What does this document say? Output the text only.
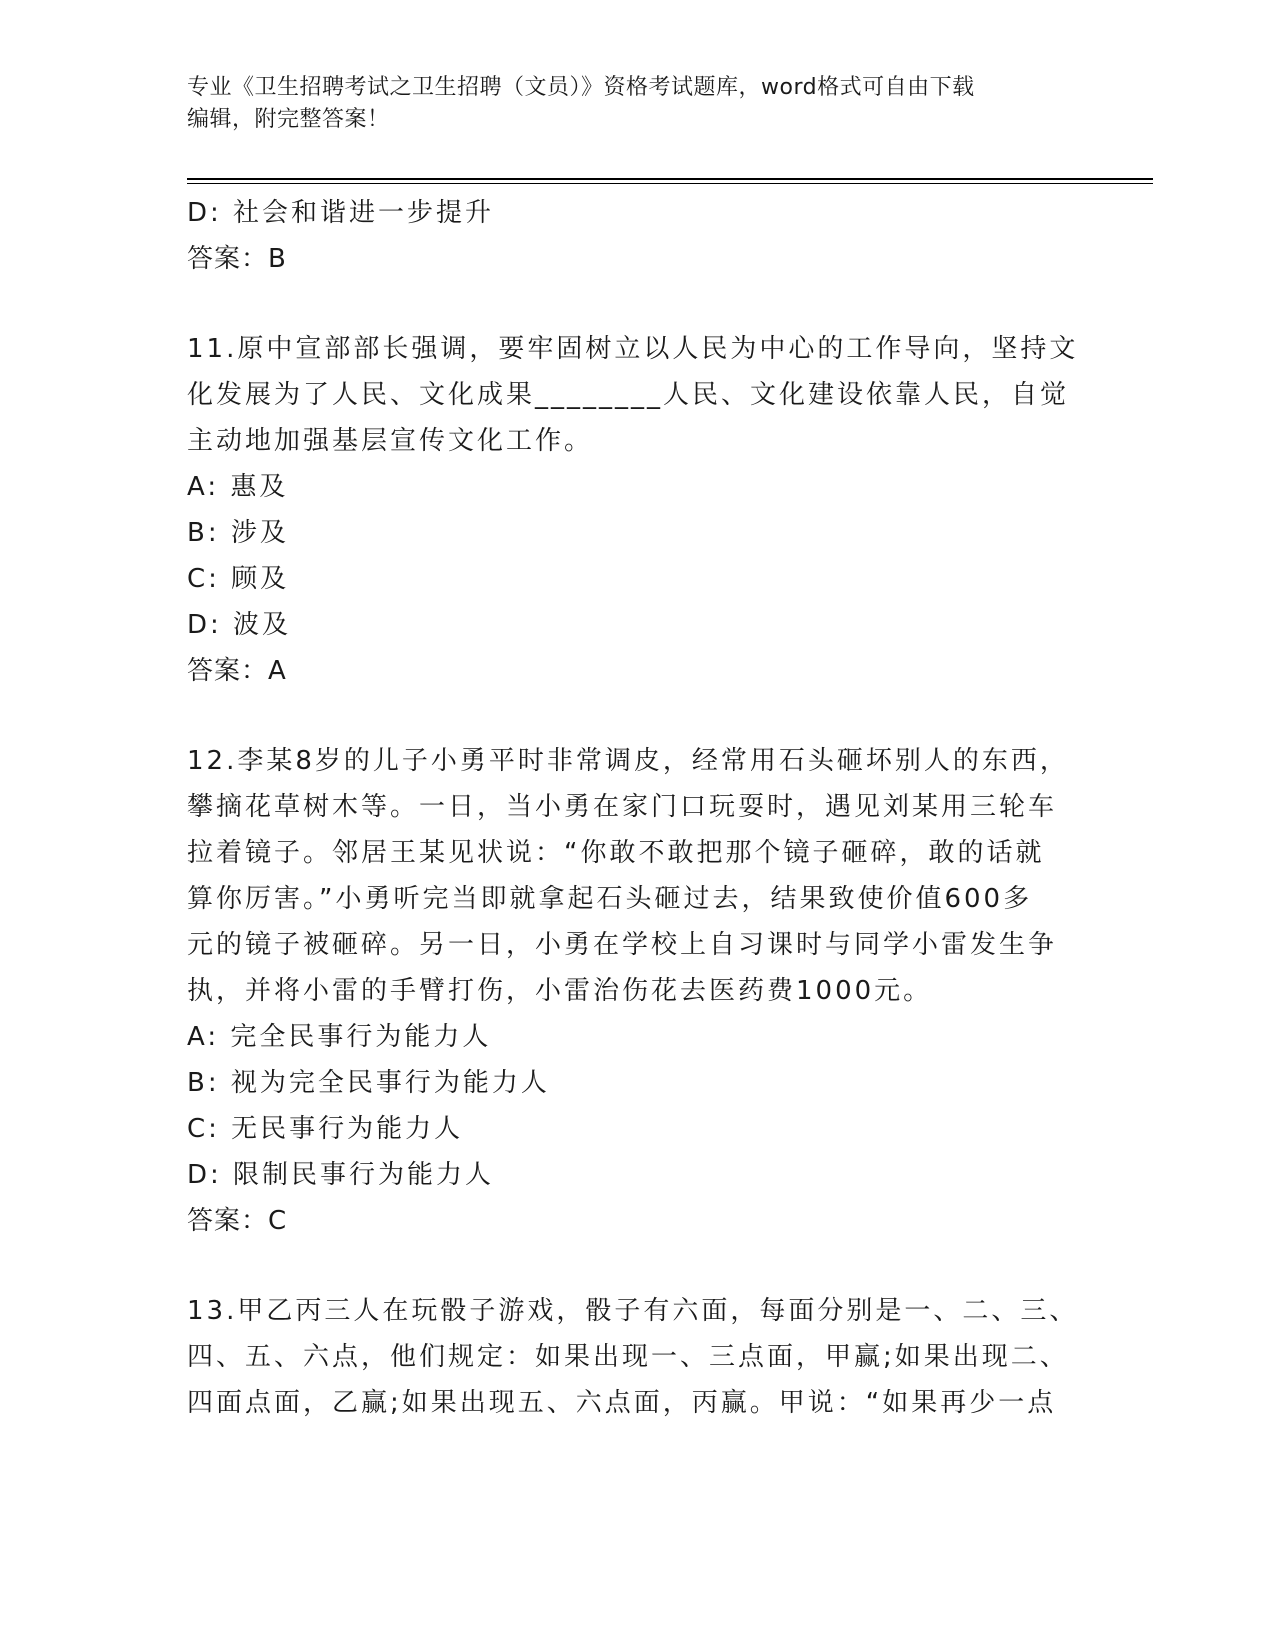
专业《卫生招聘考试之卫生招聘（文员）》资格考试题库，word格式可自由下载
编辑，附完整答案！
D: 社会和谐进一步提升
答案：B
11.原中宣部部长强调，要牢固树立以人民为中心的工作导向，坚持文
化发展为了人民、文化成果________人民、文化建设依靠人民，自觉
主动地加强基层宣传文化工作。
A: 惠及
B: 涉及
C: 顾及
D: 波及
答案：A
12.李某8岁的儿子小勇平时非常调皮，经常用石头砸坏别人的东西，
攀摘花草树木等。一日，当小勇在家门口玩耍时，遇见刘某用三轮车
拉着镜子。邻居王某见状说：“你敢不敢把那个镜子砸碎，敢的话就
算你厉害。”小勇听完当即就拿起石头砸过去，结果致使价值600多
元的镜子被砸碎。另一日，小勇在学校上自习课时与同学小雷发生争
执，并将小雷的手臂打伤，小雷治伤花去医药费1000元。
A: 完全民事行为能力人
B: 视为完全民事行为能力人
C: 无民事行为能力人
D: 限制民事行为能力人
答案：C
13.甲乙丙三人在玩骰子游戏，骰子有六面，每面分别是一、二、三、
四、五、六点，他们规定：如果出现一、三点面，甲赢;如果出现二、
四面点面，乙赢;如果出现五、六点面，丙赢。甲说：“如果再少一点
